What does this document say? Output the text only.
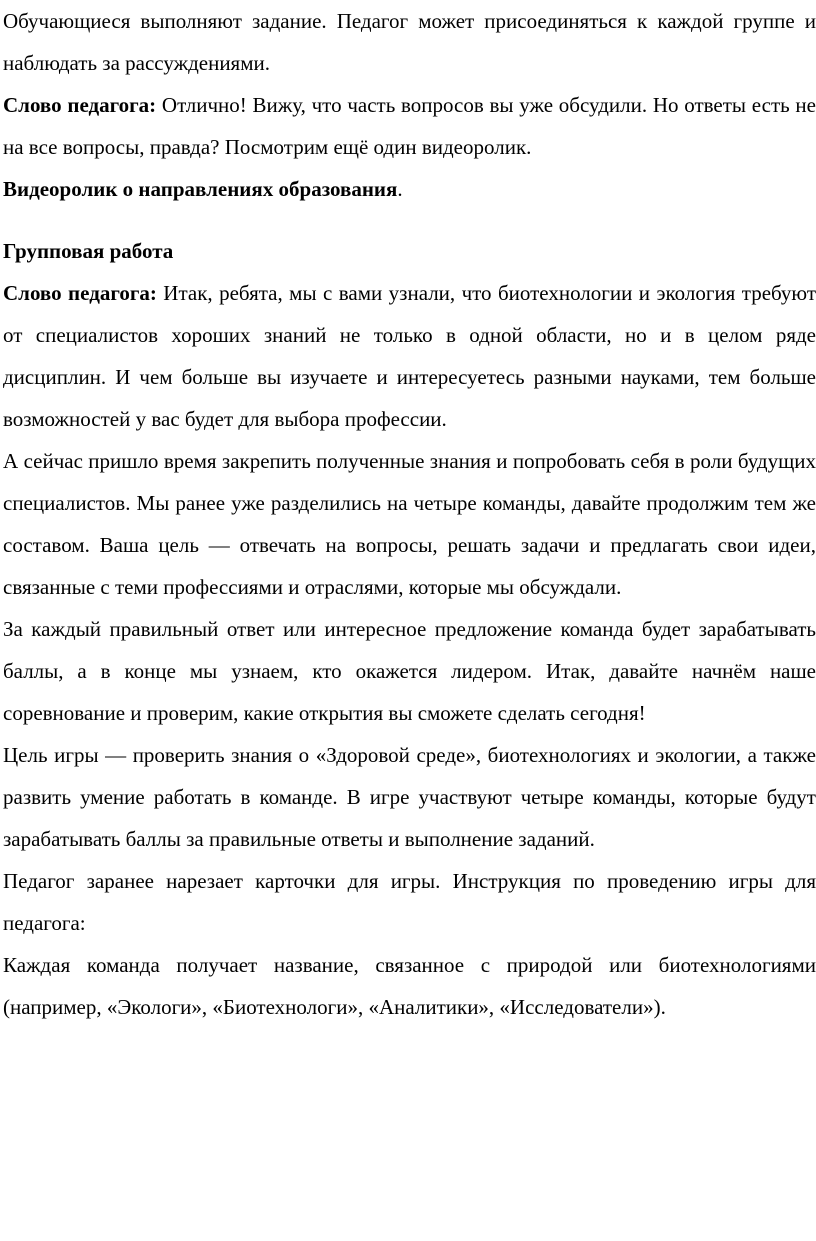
Обучающиеся выполняют задание. Педагог может присоединяться к каждой группе и наблюдать за рассуждениями.

Слово педагога: Отлично! Вижу, что часть вопросов вы уже обсудили. Но ответы есть не на все вопросы, правда? Посмотрим ещё один видеоролик.

Видеоролик о направлениях образования.

Групповая работа

Слово педагога: Итак, ребята, мы с вами узнали, что биотехнологии и экология требуют от специалистов хороших знаний не только в одной области, но и в целом ряде дисциплин. И чем больше вы изучаете и интересуетесь разными науками, тем больше возможностей у вас будет для выбора профессии.

А сейчас пришло время закрепить полученные знания и попробовать себя в роли будущих специалистов. Мы ранее уже разделились на четыре команды, давайте продолжим тем же составом. Ваша цель — отвечать на вопросы, решать задачи и предлагать свои идеи, связанные с теми профессиями и отраслями, которые мы обсуждали.

За каждый правильный ответ или интересное предложение команда будет зарабатывать баллы, а в конце мы узнаем, кто окажется лидером. Итак, давайте начнём наше соревнование и проверим, какие открытия вы сможете сделать сегодня!

Цель игры — проверить знания о «Здоровой среде», биотехнологиях и экологии, а также развить умение работать в команде. В игре участвуют четыре команды, которые будут зарабатывать баллы за правильные ответы и выполнение заданий.

Педагог заранее нарезает карточки для игры. Инструкция по проведению игры для педагога:

Каждая команда получает название, связанное с природой или биотехнологиями (например, «Экологи», «Биотехнологи», «Аналитики», «Исследователи»).
